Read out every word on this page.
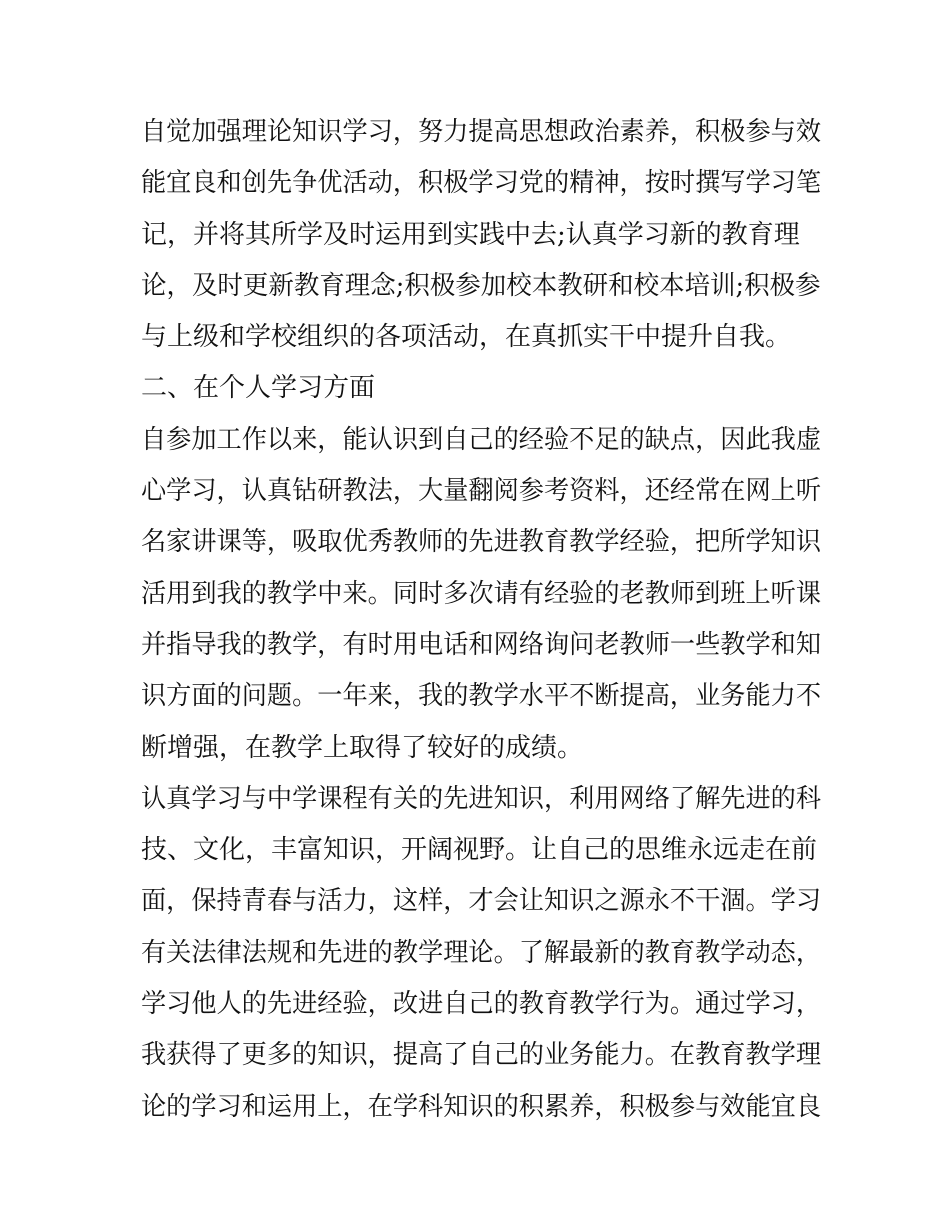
自觉加强理论知识学习，努力提高思想政治素养，积极参与效
能宜良和创先争优活动，积极学习党的精神，按时撰写学习笔
记，并将其所学及时运用到实践中去;认真学习新的教育理
论，及时更新教育理念;积极参加校本教研和校本培训;积极参
与上级和学校组织的各项活动，在真抓实干中提升自我。
二、在个人学习方面
自参加工作以来，能认识到自己的经验不足的缺点，因此我虚
心学习，认真钻研教法，大量翻阅参考资料，还经常在网上听
名家讲课等，吸取优秀教师的先进教育教学经验，把所学知识
活用到我的教学中来。同时多次请有经验的老教师到班上听课
并指导我的教学，有时用电话和网络询问老教师一些教学和知
识方面的问题。一年来，我的教学水平不断提高，业务能力不
断增强，在教学上取得了较好的成绩。
认真学习与中学课程有关的先进知识，利用网络了解先进的科
技、文化，丰富知识，开阔视野。让自己的思维永远走在前
面，保持青春与活力，这样，才会让知识之源永不干涸。学习
有关法律法规和先进的教学理论。了解最新的教育教学动态，
学习他人的先进经验，改进自己的教育教学行为。通过学习，
我获得了更多的知识，提高了自己的业务能力。在教育教学理
论的学习和运用上，在学科知识的积累养，积极参与效能宜良
